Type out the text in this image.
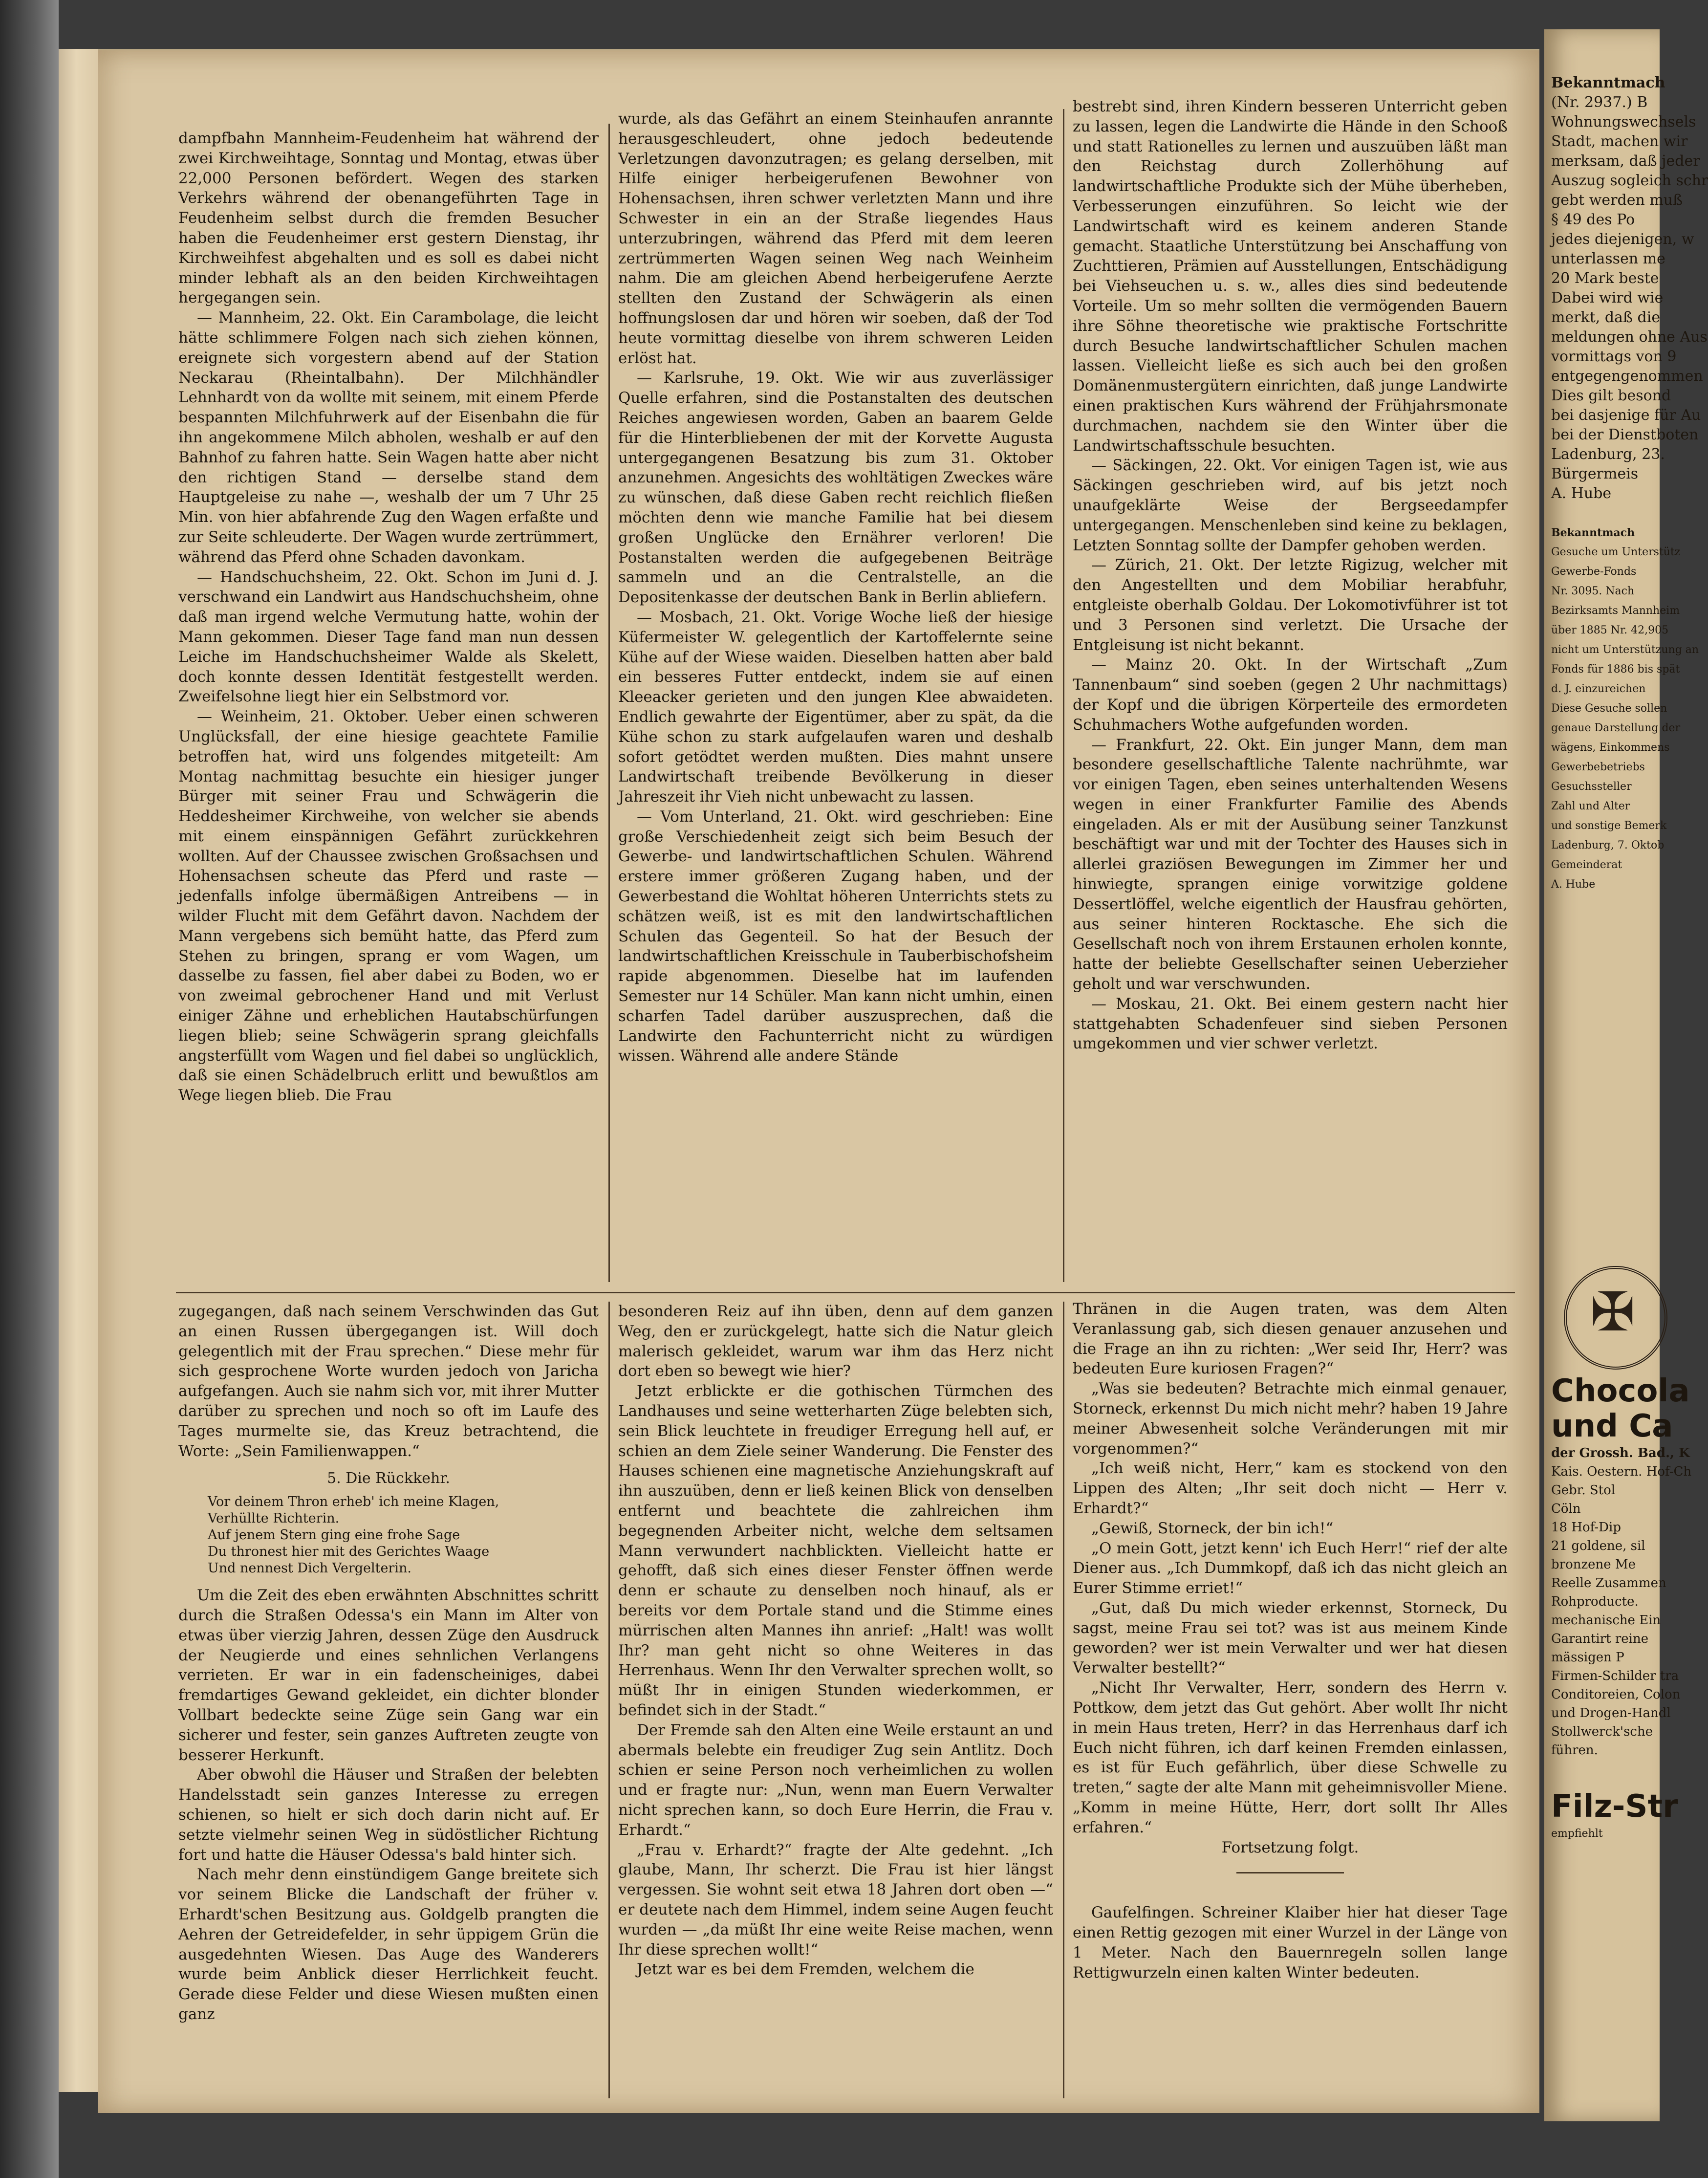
dampfbahn Mannheim-Feudenheim hat während der zwei Kirchweihtage, Sonntag und Montag, etwas über 22,000 Personen befördert. Wegen des starken Verkehrs während der obenangeführten Tage in Feudenheim selbst durch die fremden Besucher haben die Feudenheimer erst gestern Dienstag, ihr Kirchweihfest abgehalten und es soll es dabei nicht minder lebhaft als an den beiden Kirchweihtagen hergegangen sein.

— Mannheim, 22. Okt. Ein Carambolage, die leicht hätte schlimmere Folgen nach sich ziehen können, ereignete sich vorgestern abend auf der Station Neckarau (Rheintalbahn). Der Milchhändler Lehnhardt von da wollte mit seinem, mit einem Pferde bespannten Milchfuhrwerk auf der Eisenbahn die für ihn angekommene Milch abholen, weshalb er auf den Bahnhof zu fahren hatte. Sein Wagen hatte aber nicht den richtigen Stand — derselbe stand dem Hauptgeleise zu nahe —, weshalb der um 7 Uhr 25 Min. von hier abfahrende Zug den Wagen erfaßte und zur Seite schleuderte. Der Wagen wurde zertrümmert, während das Pferd ohne Schaden davonkam.

— Handschuchsheim, 22. Okt. Schon im Juni d. J. verschwand ein Landwirt aus Handschuchsheim, ohne daß man irgend welche Vermutung hatte, wohin der Mann gekommen. Dieser Tage fand man nun dessen Leiche im Handschuchsheimer Walde als Skelett, doch konnte dessen Identität festgestellt werden. Zweifelsohne liegt hier ein Selbstmord vor.

— Weinheim, 21. Oktober. Ueber einen schweren Unglücksfall, der eine hiesige geachtete Familie betroffen hat, wird uns folgendes mitgeteilt: Am Montag nachmittag besuchte ein hiesiger junger Bürger mit seiner Frau und Schwägerin die Heddesheimer Kirchweihe, von welcher sie abends mit einem einspännigen Gefährt zurückkehren wollten. Auf der Chaussee zwischen Großsachsen und Hohensachsen scheute das Pferd und raste — jedenfalls infolge übermäßigen Antreibens — in wilder Flucht mit dem Gefährt davon. Nachdem der Mann vergebens sich bemüht hatte, das Pferd zum Stehen zu bringen, sprang er vom Wagen, um dasselbe zu fassen, fiel aber dabei zu Boden, wo er von zweimal gebrochener Hand und mit Verlust einiger Zähne und erheblichen Hautabschürfungen liegen blieb; seine Schwägerin sprang gleichfalls angsterfüllt vom Wagen und fiel dabei so unglücklich, daß sie einen Schädelbruch erlitt und bewußtlos am Wege liegen blieb. Die Frau

wurde, als das Gefährt an einem Steinhaufen anrannte herausgeschleudert, ohne jedoch bedeutende Verletzungen davonzutragen; es gelang derselben, mit Hilfe einiger herbeigerufenen Bewohner von Hohensachsen, ihren schwer verletzten Mann und ihre Schwester in ein an der Straße liegendes Haus unterzubringen, während das Pferd mit dem leeren zertrümmerten Wagen seinen Weg nach Weinheim nahm. Die am gleichen Abend herbeigerufene Aerzte stellten den Zustand der Schwägerin als einen hoffnungslosen dar und hören wir soeben, daß der Tod heute vormittag dieselbe von ihrem schweren Leiden erlöst hat.

— Karlsruhe, 19. Okt. Wie wir aus zuverlässiger Quelle erfahren, sind die Postanstalten des deutschen Reiches angewiesen worden, Gaben an baarem Gelde für die Hinterbliebenen der mit der Korvette Augusta untergegangenen Besatzung bis zum 31. Oktober anzunehmen. Angesichts des wohltätigen Zweckes wäre zu wünschen, daß diese Gaben recht reichlich fließen möchten denn wie manche Familie hat bei diesem großen Unglücke den Ernährer verloren! Die Postanstalten werden die aufgegebenen Beiträge sammeln und an die Centralstelle, an die Depositenkasse der deutschen Bank in Berlin abliefern.

— Mosbach, 21. Okt. Vorige Woche ließ der hiesige Küfermeister W. gelegentlich der Kartoffelernte seine Kühe auf der Wiese waiden. Dieselben hatten aber bald ein besseres Futter entdeckt, indem sie auf einen Kleeacker gerieten und den jungen Klee abwaideten. Endlich gewahrte der Eigentümer, aber zu spät, da die Kühe schon zu stark aufgelaufen waren und deshalb sofort getödtet werden mußten. Dies mahnt unsere Landwirtschaft treibende Bevölkerung in dieser Jahreszeit ihr Vieh nicht unbewacht zu lassen.

— Vom Unterland, 21. Okt. wird geschrieben: Eine große Verschiedenheit zeigt sich beim Besuch der Gewerbe- und landwirtschaftlichen Schulen. Während erstere immer größeren Zugang haben, und der Gewerbestand die Wohltat höheren Unterrichts stets zu schätzen weiß, ist es mit den landwirtschaftlichen Schulen das Gegenteil. So hat der Besuch der landwirtschaftlichen Kreisschule in Tauberbischofsheim rapide abgenommen. Dieselbe hat im laufenden Semester nur 14 Schüler. Man kann nicht umhin, einen scharfen Tadel darüber auszusprechen, daß die Landwirte den Fachunterricht nicht zu würdigen wissen. Während alle andere Stände

bestrebt sind, ihren Kindern besseren Unterricht geben zu lassen, legen die Landwirte die Hände in den Schooß und statt Rationelles zu lernen und auszuüben läßt man den Reichstag durch Zollerhöhung auf landwirtschaftliche Produkte sich der Mühe überheben, Verbesserungen einzuführen. So leicht wie der Landwirtschaft wird es keinem anderen Stande gemacht. Staatliche Unterstützung bei Anschaffung von Zuchttieren, Prämien auf Ausstellungen, Entschädigung bei Viehseuchen u. s. w., alles dies sind bedeutende Vorteile. Um so mehr sollten die vermögenden Bauern ihre Söhne theoretische wie praktische Fortschritte durch Besuche landwirtschaftlicher Schulen machen lassen. Vielleicht ließe es sich auch bei den großen Domänenmustergütern einrichten, daß junge Landwirte einen praktischen Kurs während der Frühjahrsmonate durchmachen, nachdem sie den Winter über die Landwirtschaftsschule besuchten.

— Säckingen, 22. Okt. Vor einigen Tagen ist, wie aus Säckingen geschrieben wird, auf bis jetzt noch unaufgeklärte Weise der Bergseedampfer untergegangen. Menschenleben sind keine zu beklagen, Letzten Sonntag sollte der Dampfer gehoben werden.

— Zürich, 21. Okt. Der letzte Rigizug, welcher mit den Angestellten und dem Mobiliar herabfuhr, entgleiste oberhalb Goldau. Der Lokomotivführer ist tot und 3 Personen sind verletzt. Die Ursache der Entgleisung ist nicht bekannt.

— Mainz 20. Okt. In der Wirtschaft „Zum Tannenbaum“ sind soeben (gegen 2 Uhr nachmittags) der Kopf und die übrigen Körperteile des ermordeten Schuhmachers Wothe aufgefunden worden.

— Frankfurt, 22. Okt. Ein junger Mann, dem man besondere gesellschaftliche Talente nachrühmte, war vor einigen Tagen, eben seines unterhaltenden Wesens wegen in einer Frankfurter Familie des Abends eingeladen. Als er mit der Ausübung seiner Tanzkunst beschäftigt war und mit der Tochter des Hauses sich in allerlei graziösen Bewegungen im Zimmer her und hinwiegte, sprangen einige vorwitzige goldene Dessertlöffel, welche eigentlich der Hausfrau gehörten, aus seiner hinteren Rocktasche. Ehe sich die Gesellschaft noch von ihrem Erstaunen erholen konnte, hatte der beliebte Gesellschafter seinen Ueberzieher geholt und war verschwunden.

— Moskau, 21. Okt. Bei einem gestern nacht hier stattgehabten Schadenfeuer sind sieben Personen umgekommen und vier schwer verletzt.

zugegangen, daß nach seinem Verschwinden das Gut an einen Russen übergegangen ist. Will doch gelegentlich mit der Frau sprechen.“ Diese mehr für sich gesprochene Worte wurden jedoch von Jaricha aufgefangen. Auch sie nahm sich vor, mit ihrer Mutter darüber zu sprechen und noch so oft im Laufe des Tages murmelte sie, das Kreuz betrachtend, die Worte: „Sein Familienwappen.“

5. Die Rückkehr.

Vor deinem Thron erheb' ich meine Klagen,

Verhüllte Richterin.

Auf jenem Stern ging eine frohe Sage

Du thronest hier mit des Gerichtes Waage

Und nennest Dich Vergelterin.

Um die Zeit des eben erwähnten Abschnittes schritt durch die Straßen Odessa's ein Mann im Alter von etwas über vierzig Jahren, dessen Züge den Ausdruck der Neugierde und eines sehnlichen Verlangens verrieten. Er war in ein fadenscheiniges, dabei fremdartiges Gewand gekleidet, ein dichter blonder Vollbart bedeckte seine Züge sein Gang war ein sicherer und fester, sein ganzes Auftreten zeugte von besserer Herkunft.

Aber obwohl die Häuser und Straßen der belebten Handelsstadt sein ganzes Interesse zu erregen schienen, so hielt er sich doch darin nicht auf. Er setzte vielmehr seinen Weg in südöstlicher Richtung fort und hatte die Häuser Odessa's bald hinter sich.

Nach mehr denn einstündigem Gange breitete sich vor seinem Blicke die Landschaft der früher v. Erhardt'schen Besitzung aus. Goldgelb prangten die Aehren der Getreidefelder, in sehr üppigem Grün die ausgedehnten Wiesen. Das Auge des Wanderers wurde beim Anblick dieser Herrlichkeit feucht. Gerade diese Felder und diese Wiesen mußten einen ganz

besonderen Reiz auf ihn üben, denn auf dem ganzen Weg, den er zurückgelegt, hatte sich die Natur gleich malerisch gekleidet, warum war ihm das Herz nicht dort eben so bewegt wie hier?

Jetzt erblickte er die gothischen Türmchen des Landhauses und seine wetterharten Züge belebten sich, sein Blick leuchtete in freudiger Erregung hell auf, er schien an dem Ziele seiner Wanderung. Die Fenster des Hauses schienen eine magnetische Anziehungskraft auf ihn auszuüben, denn er ließ keinen Blick von denselben entfernt und beachtete die zahlreichen ihm begegnenden Arbeiter nicht, welche dem seltsamen Mann verwundert nachblickten. Vielleicht hatte er gehofft, daß sich eines dieser Fenster öffnen werde denn er schaute zu denselben noch hinauf, als er bereits vor dem Portale stand und die Stimme eines mürrischen alten Mannes ihn anrief: „Halt! was wollt Ihr? man geht nicht so ohne Weiteres in das Herrenhaus. Wenn Ihr den Verwalter sprechen wollt, so müßt Ihr in einigen Stunden wiederkommen, er befindet sich in der Stadt.“

Der Fremde sah den Alten eine Weile erstaunt an und abermals belebte ein freudiger Zug sein Antlitz. Doch schien er seine Person noch verheimlichen zu wollen und er fragte nur: „Nun, wenn man Euern Verwalter nicht sprechen kann, so doch Eure Herrin, die Frau v. Erhardt.“

„Frau v. Erhardt?“ fragte der Alte gedehnt. „Ich glaube, Mann, Ihr scherzt. Die Frau ist hier längst vergessen. Sie wohnt seit etwa 18 Jahren dort oben —“ er deutete nach dem Himmel, indem seine Augen feucht wurden — „da müßt Ihr eine weite Reise machen, wenn Ihr diese sprechen wollt!“

Jetzt war es bei dem Fremden, welchem die

Thränen in die Augen traten, was dem Alten Veranlassung gab, sich diesen genauer anzusehen und die Frage an ihn zu richten: „Wer seid Ihr, Herr? was bedeuten Eure kuriosen Fragen?“

„Was sie bedeuten? Betrachte mich einmal genauer, Storneck, erkennst Du mich nicht mehr? haben 19 Jahre meiner Abwesenheit solche Veränderungen mit mir vorgenommen?“

„Ich weiß nicht, Herr,“ kam es stockend von den Lippen des Alten; „Ihr seit doch nicht — Herr v. Erhardt?“

„Gewiß, Storneck, der bin ich!“

„O mein Gott, jetzt kenn' ich Euch Herr!“ rief der alte Diener aus. „Ich Dummkopf, daß ich das nicht gleich an Eurer Stimme erriet!“

„Gut, daß Du mich wieder erkennst, Storneck, Du sagst, meine Frau sei tot? was ist aus meinem Kinde geworden? wer ist mein Verwalter und wer hat diesen Verwalter bestellt?“

„Nicht Ihr Verwalter, Herr, sondern des Herrn v. Pottkow, dem jetzt das Gut gehört. Aber wollt Ihr nicht in mein Haus treten, Herr? in das Herrenhaus darf ich Euch nicht führen, ich darf keinen Fremden einlassen, es ist für Euch gefährlich, über diese Schwelle zu treten,“ sagte der alte Mann mit geheimnisvoller Miene. „Komm in meine Hütte, Herr, dort sollt Ihr Alles erfahren.“

Fortsetzung folgt.

Gaufelfingen. Schreiner Klaiber hier hat dieser Tage einen Rettig gezogen mit einer Wurzel in der Länge von 1 Meter. Nach den Bauernregeln sollen lange Rettigwurzeln einen kalten Winter bedeuten.

Bekanntmach
(Nr. 2937.) B
Wohnungswechsels
Stadt, machen wir
merksam, daß jeder
Auszug sogleich schr
gebt werden muß
§ 49 des Po
jedes diejenigen, w
unterlassen me
20 Mark beste
Dabei wird wie
merkt, daß die
meldungen ohne Aus
vormittags von 9
entgegengenommen
Dies gilt besond
bei dasjenige für Au
bei der Dienstboten
Ladenburg, 23.
Bürgermeis
A. Hube
Bekanntmach
Gesuche um Unterstütz
Gewerbe-Fonds
Nr. 3095. Nach
Bezirksamts Mannheim
über 1885 Nr. 42,905
nicht um Unterstützung an
Fonds für 1886 bis spät
d. J. einzureichen
Diese Gesuche sollen
genaue Darstellung der
wägens, Einkommens
Gewerbebetriebs
Gesuchssteller
Zahl und Alter
und sonstige Bemerk
Ladenburg, 7. Oktob
Gemeinderat
A. Hube
✠
Chocola
und Ca
der Grossh. Bad., K
Kais. Oestern. Hof-Ch
Gebr. Stol
Cöln
18 Hof-Dip
21 goldene, sil
bronzene Me
Reelle Zusammen
Rohproducte.
mechanische Ein
Garantirt reine
mässigen P
Firmen-Schilder tra
Conditoreien, Colon
und Drogen-Handl
Stollwerck'sche
führen.
Filz-Str
empfiehlt
